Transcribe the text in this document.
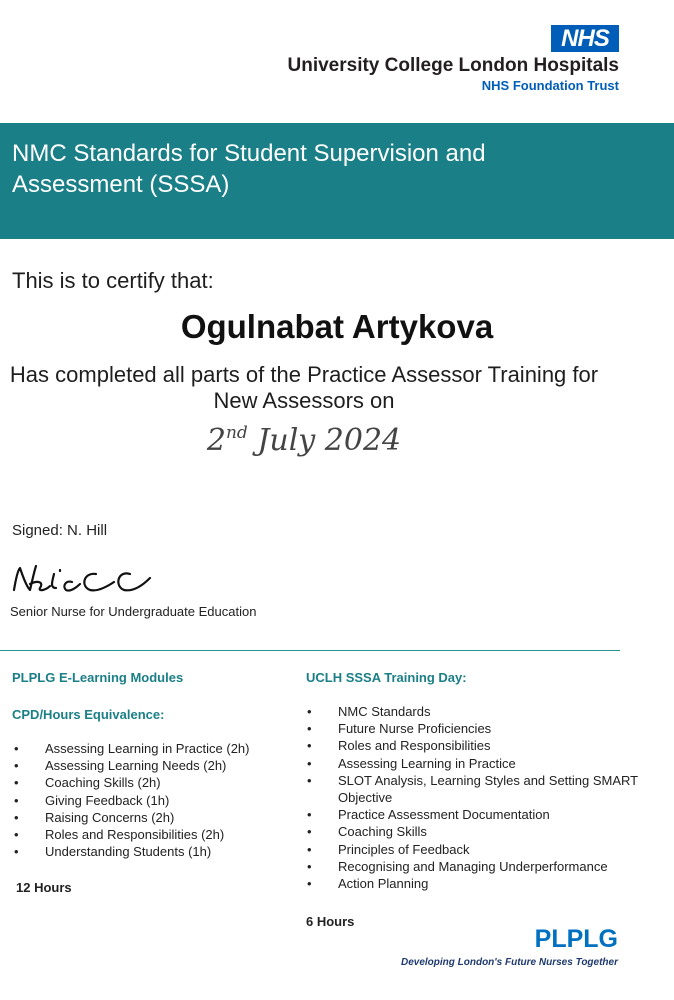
NHS
University College London Hospitals
NHS Foundation Trust
NMC Standards for Student Supervision and Assessment (SSSA)
This is to certify that:
Ogulnabat Artykova
Has completed all parts of the Practice Assessor Training for New Assessors on
2nd July 2024
Signed: N. Hill
Senior Nurse for Undergraduate Education
PLPLG E-Learning Modules
CPD/Hours Equivalence:
• Assessing Learning in Practice (2h)
• Assessing Learning Needs (2h)
• Coaching Skills (2h)
• Giving Feedback (1h)
• Raising Concerns (2h)
• Roles and Responsibilities (2h)
• Understanding Students (1h)
12 Hours
UCLH SSSA Training Day:
• NMC Standards
• Future Nurse Proficiencies
• Roles and Responsibilities
• Assessing Learning in Practice
• SLOT Analysis, Learning Styles and Setting SMART Objective
• Practice Assessment Documentation
• Coaching Skills
• Principles of Feedback
• Recognising and Managing Underperformance
• Action Planning
6 Hours
PLPLG
Developing London's Future Nurses Together
